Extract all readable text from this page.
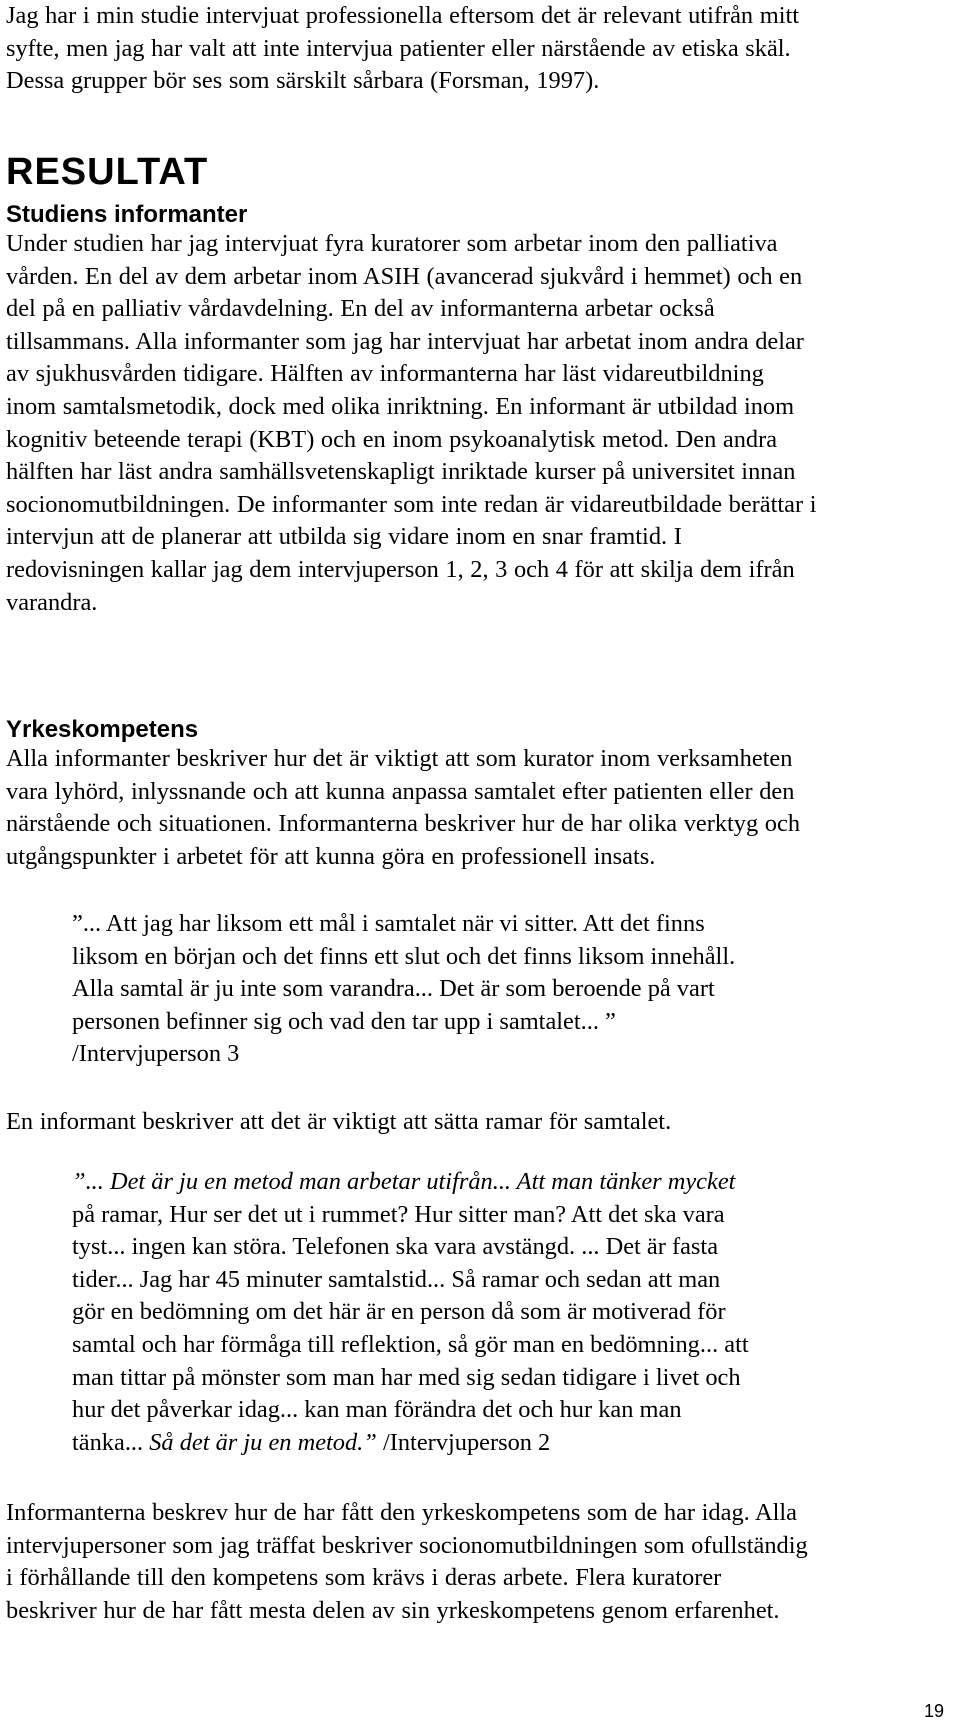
Jag har i min studie intervjuat professionella eftersom det är relevant utifrån mitt
syfte, men jag har valt att inte intervjua patienter eller närstående av etiska skäl.
Dessa grupper bör ses som särskilt sårbara (Forsman, 1997).

RESULTAT
Studiens informanter

Under studien har jag intervjuat fyra kuratorer som arbetar inom den palliativa
vården. En del av dem arbetar inom ASIH (avancerad sjukvård i hemmet) och en
del på en palliativ vårdavdelning. En del av informanterna arbetar också
tillsammans. Alla informanter som jag har intervjuat har arbetat inom andra delar
av sjukhusvården tidigare. Hälften av informanterna har läst vidareutbildning
inom samtalsmetodik, dock med olika inriktning. En informant är utbildad inom
kognitiv beteende terapi (KBT) och en inom psykoanalytisk metod. Den andra
hälften har läst andra samhällsvetenskapligt inriktade kurser på universitet innan
socionomutbildningen. De informanter som inte redan är vidareutbildade berättar i
intervjun att de planerar att utbilda sig vidare inom en snar framtid. I
redovisningen kallar jag dem intervjuperson 1, 2, 3 och 4 för att skilja dem ifrån
varandra.

Yrkeskompetens

Alla informanter beskriver hur det är viktigt att som kurator inom verksamheten
vara lyhörd, inlyssnande och att kunna anpassa samtalet efter patienten eller den
närstående och situationen. Informanterna beskriver hur de har olika verktyg och
utgångspunkter i arbetet för att kunna göra en professionell insats.

”... Att jag har liksom ett mål i samtalet när vi sitter. Att det finns
liksom en början och det finns ett slut och det finns liksom innehåll.
Alla samtal är ju inte som varandra... Det är som beroende på vart
personen befinner sig och vad den tar upp i samtalet... ”
/Intervjuperson 3

En informant beskriver att det är viktigt att sätta ramar för samtalet.

”... Det är ju en metod man arbetar utifrån... Att man tänker mycket
på ramar, Hur ser det ut i rummet? Hur sitter man? Att det ska vara
tyst... ingen kan störa. Telefonen ska vara avstängd. ... Det är fasta
tider... Jag har 45 minuter samtalstid... Så ramar och sedan att man
gör en bedömning om det här är en person då som är motiverad för
samtal och har förmåga till reflektion, så gör man en bedömning... att
man tittar på mönster som man har med sig sedan tidigare i livet och
hur det påverkar idag... kan man förändra det och hur kan man
tänka... Så det är ju en metod.” /Intervjuperson 2

Informanterna beskrev hur de har fått den yrkeskompetens som de har idag. Alla
intervjupersoner som jag träffat beskriver socionomutbildningen som ofullständig
i förhållande till den kompetens som krävs i deras arbete. Flera kuratorer
beskriver hur de har fått mesta delen av sin yrkeskompetens genom erfarenhet.

19
